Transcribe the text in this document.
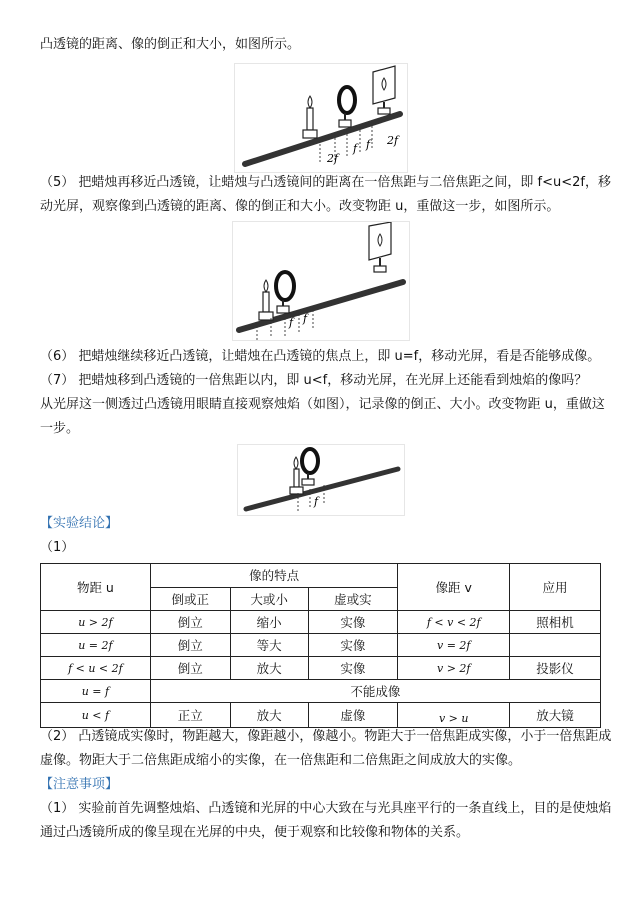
凸透镜的距离、像的倒正和大小，如图所示。
f f
2f
2f
（5） 把蜡烛再移近凸透镜，让蜡烛与凸透镜间的距离在一倍焦距与二倍焦距之间，即 f<u<2f，移
动光屏，观察像到凸透镜的距离、像的倒正和大小。改变物距 u，重做这一步，如图所示。
f f
（6） 把蜡烛继续移近凸透镜，让蜡烛在凸透镜的焦点上，即 u=f，移动光屏，看是否能够成像。
（7） 把蜡烛移到凸透镜的一倍焦距以内，即 u<f，移动光屏，在光屏上还能看到烛焰的像吗？
从光屏这一侧透过凸透镜用眼睛直接观察烛焰（如图），记录像的倒正、大小。改变物距 u，重做这
一步。
f
【实验结论】
（1）
物距 u	像的特点			像距 v	应用
	倒或正	大或小	虚或实		
u > 2f	倒立	缩小	实像	f < v < 2f	照相机
u = 2f	倒立	等大	实像	v = 2f	
f < u < 2f	倒立	放大	实像	v > 2f	投影仪
u = f	不能成像				
u < f	正立	放大	虚像	v > u	放大镜
（2） 凸透镜成实像时，物距越大，像距越小，像越小。物距大于一倍焦距成实像，小于一倍焦距成
虚像。物距大于二倍焦距成缩小的实像，在一倍焦距和二倍焦距之间成放大的实像。
【注意事项】
（1） 实验前首先调整烛焰、凸透镜和光屏的中心大致在与光具座平行的一条直线上，目的是使烛焰
通过凸透镜所成的像呈现在光屏的中央，便于观察和比较像和物体的关系。
